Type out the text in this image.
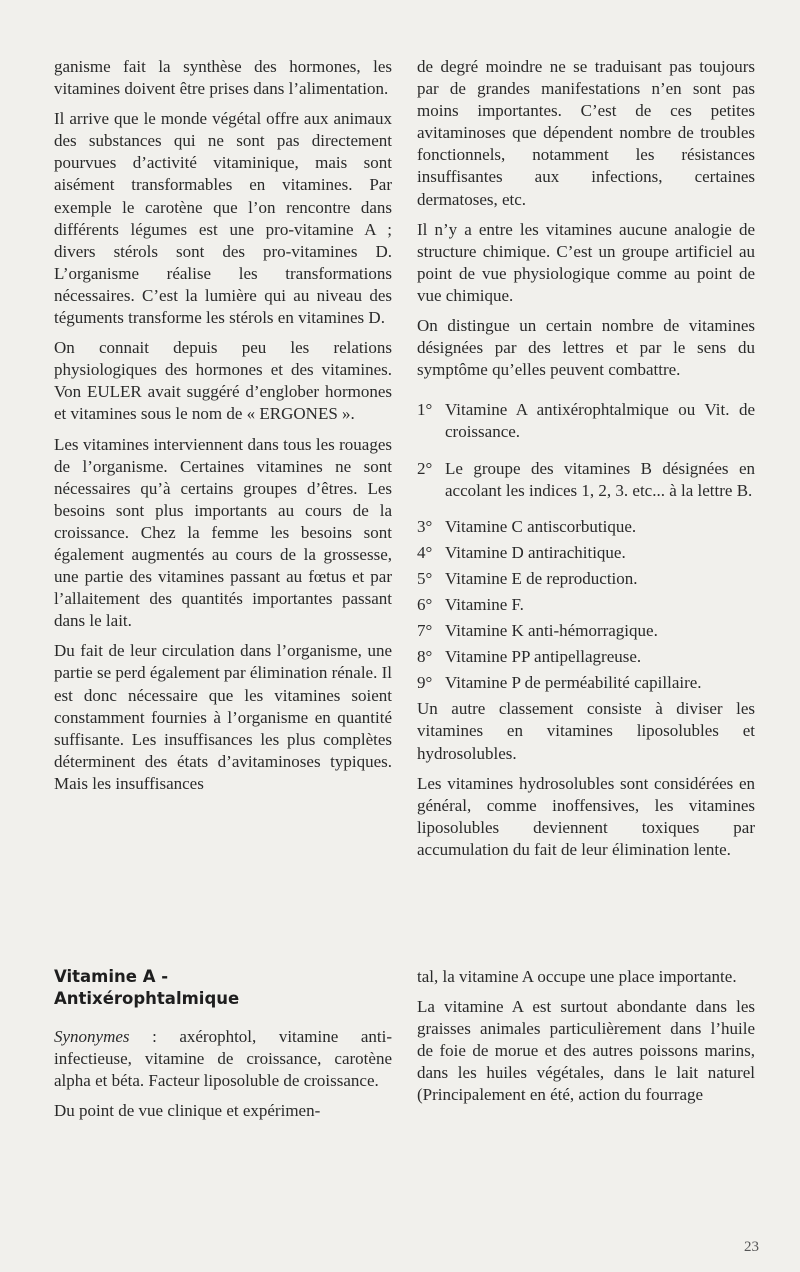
ganisme fait la synthèse des hormones, les vitamines doivent être prises dans l’alimentation.

Il arrive que le monde végétal offre aux animaux des substances qui ne sont pas directement pourvues d’activité vitaminique, mais sont aisément transformables en vitamines. Par exemple le carotène que l’on rencontre dans différents légumes est une pro-vitamine A ; divers stérols sont des pro-vitamines D. L’organisme réalise les transformations nécessaires. C’est la lumière qui au niveau des téguments transforme les stérols en vitamines D.

On connait depuis peu les relations physiologiques des hormones et des vitamines. Von EULER avait suggéré d’englober hormones et vitamines sous le nom de « ERGONES ».

Les vitamines interviennent dans tous les rouages de l’organisme. Certaines vitamines ne sont nécessaires qu’à certains groupes d’êtres. Les besoins sont plus importants au cours de la croissance. Chez la femme les besoins sont également augmentés au cours de la grossesse, une partie des vitamines passant au fœtus et par l’allaitement des quantités importantes passant dans le lait.

Du fait de leur circulation dans l’organisme, une partie se perd également par élimination rénale. Il est donc nécessaire que les vitamines soient constamment fournies à l’organisme en quantité suffisante. Les insuffisances les plus complètes déterminent des états d’avitaminoses typiques. Mais les insuffisances

de degré moindre ne se traduisant pas toujours par de grandes manifestations n’en sont pas moins importantes. C’est de ces petites avitaminoses que dépendent nombre de troubles fonctionnels, notamment les résistances insuffisantes aux infections, certaines dermatoses, etc.

Il n’y a entre les vitamines aucune analogie de structure chimique. C’est un groupe artificiel au point de vue physiologique comme au point de vue chimique.

On distingue un certain nombre de vitamines désignées par des lettres et par le sens du symptôme qu’elles peuvent combattre.

1° Vitamine A antixérophtalmique ou Vit. de croissance.
2° Le groupe des vitamines B désignées en accolant les indices 1, 2, 3. etc... à la lettre B.
3° Vitamine C antiscorbutique.
4° Vitamine D antirachitique.
5° Vitamine E de reproduction.
6° Vitamine F.
7° Vitamine K anti-hémorragique.
8° Vitamine PP antipellagreuse.
9° Vitamine P de perméabilité capillaire.

Un autre classement consiste à diviser les vitamines en vitamines liposolubles et hydrosolubles.

Les vitamines hydrosolubles sont considérées en général, comme inoffensives, les vitamines liposolubles deviennent toxiques par accumulation du fait de leur élimination lente.

Vitamine A - Antixérophtalmique

Synonymes : axérophtol, vitamine anti-infectieuse, vitamine de croissance, carotène alpha et béta. Facteur liposoluble de croissance.

Du point de vue clinique et expérimen-

tal, la vitamine A occupe une place importante.

La vitamine A est surtout abondante dans les graisses animales particulièrement dans l’huile de foie de morue et des autres poissons marins, dans les huiles végétales, dans le lait naturel (Principalement en été, action du fourrage

23
